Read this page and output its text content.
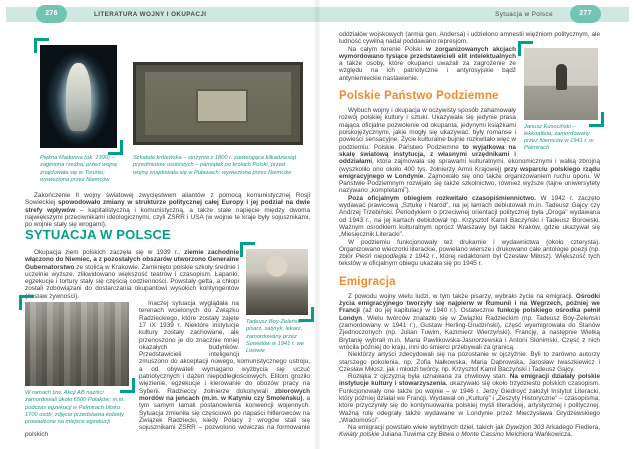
276	LITERATURA WOJNY I OKUPACJI
Piękna Madonna (ok. 1390) – zaginiona rzeźba, przed wojną znajdowała się w Toruniu; wywieziona przez Niemców
Szkatuła królewska – skrzynia z 1800 r. zawierająca kilkadziesiąt przedmiotów osobistych – pamiątek po królach Polski, przed wojną znajdowała się w Puławach; wywieziona przez Niemców

Zakończenie II wojny światowej zwycięstwem aliantów z pomocą komunistycznej Rosji Sowieckiej spowodowało zmiany w strukturze politycznej całej Europy i jej podział na dwie strefy wpływów – kapitalistyczną i komunistyczną, a także stałe napięcie między dwoma największymi przeciwnikami ideologicznymi, czyli ZSRR i USA (w wojnie te kraje były sojusznikami, po wojnie stały się wrogami).

SYTUACJA W POLSCE
Tadeusz Boy-Żeleński – pisarz, satyryk, lekarz, zamordowany przez Sowietów w 1941 r. we Lwowie

Okupacja ziem polskich zaczęła się w 1939 r., ziemie zachodnie włączono do Niemiec, a z pozostałych obszarów utworzono Generalne Gubernatorstwo ze stolicą w Krakowie. Zamknięto polskie szkoły średnie i uczelnie wyższe, zlikwidowano większość teatrów i czasopism. Łapanki, egzekucje i tortury stały się częścią codzienności. Powstały getta, a chłopi zostali zobowiązani do dostarczania okupantowi wysokich kontyngentów (dostaw żywności).

W ramach tzw. Akcji AB naziści zamordowali około 6500 Polaków; m.in. podczas egzekucji w Palmirach blisko 1700 osób; zdjęcie przedstawia kobiety prowadzone na miejsce egzekucji

Inaczej sytuacja wyglądała na terenach wcielonych do Związku Radzieckiego, które zostały zajęte 17 IX 1939 r. Niektóre instytucje kultury zostały zachowane, ale przenoszono je do znacznie mniej okazałych budynków. Przedstawicieli inteligencji zmuszono do akceptacji nowego, komunistycznego ustroju, a od obywateli wymagano wyzbycia się uczuć patriotycznych i dążeń niepodległościowych. Elitom groziło więzienie, egzekucje i kierowanie do obozów pracy na Syberii. Radzieccy żołnierze dokonywali zbiorowych mordów na jeńcach (m.in. w Katyniu czy Smoleńsku), a tym samym łamali postanowienia konwencji wojennych. Sytuacja zmieniła się częściowo po napaści hitlerowców na Związek Radziecki, kiedy Polacy z wrogów stali się sojusznikami ZSRR – pozwolono wówczas na formowanie polskich

Sytuacja w Polsce	277

oddziałów wojskowych (armia gen. Andersa) i udzielono amnestii więźniom politycznym, ale ludność cywilną nadal poddawano represjom.

Janusz Kusociński – lekkoatleta, zamordowany przez Niemców w 1941 r. w Palmirach

Na całym terenie Polski w zorganizowanych akcjach wymordowano tysiące przedstawicieli elit intelektualnych a także osoby, które okupanci uważali za zagrożenie ze względu na ich patriotyczne i antyrosyjskie bądź antyniemieckie nastawienie.

Polskie Państwo Podziemne

Wybuch wojny i okupacja w oczywisty sposób zahamowały rozwój polskiej kultury i sztuki. Ukazywała się jedynie prasa mająca oficjalne pozwolenie od okupanta, jedynymi książkami polskojęzycznymi, jakie mogły się ukazywać, były romanse i powieści sensacyjne. Życie kulturalne bujnie rozkwitało więc w podziemiu. Polskie Państwo Podziemne to wyjątkowa na skalę światową instytucja, z własnymi urzędnikami i oddziałami, która zajmowała się sprawami kulturalnymi, ekonomicznymi i walką zbrojną (wyszkoliło ono około 400 tys. żołnierzy Armii Krajowej) przy wsparciu polskiego rządu emigracyjnego w Londynie. Zajmowało się ono także organizowaniem ruchu oporu. W Państwie Podziemnym rozwijało się także szkolnictwo, również wyższe (tajne uniwersytety nazywano „kompletami”).

Poza oficjalnym obiegiem rozkwitało czasopiśmiennictwo. W 1942 r. zaczęto wydawać prawicową „Sztukę i Naród”, na jej łamach debiutowali m.in. Tadeusz Gajcy czy Andrzej Trzebiński. Periodykiem o przeciwnej orientacji politycznej była „Droga” wydawana od 1943 r., na jej kartach debiutował np. Krzysztof Kamil Baczyński i Tadeusz Borowski. Ważnym ośrodkiem kulturalnym oprócz Warszawy był także Kraków, gdzie ukazywał się „Miesięcznik Literacki”.

W podziemiu funkcjonowały też drukarnie i wydawnictwa (około czterysta). Organizowano wieczorki literackie, powielano wiersze i drukowano całe antologie poezji (np. zbiór Pieśń niepodległa z 1942 r., której redaktorem był Czesław Miłosz). Większość tych tekstów w oficjalnym obiegu ukazała się po 1945 r.

Emigracja

Z powodu wojny wielu ludzi, w tym także pisarzy, wybrało życie na emigracji. Ośrodki życia emigracyjnego tworzyły się najpierw w Rumunii i na Węgrzech, później we Francji (aż do jej kapitulacji w 1940 r.). Ostatecznie funkcję polskiego ośrodka pełnił Londyn. Wielu twórców znalazło się w Związku Radzieckim (np. Tadeusz Boy-Żeleński (zamordowany w 1941 r.), Gustaw Herling-Grudziński), część wyemigrowała do Stanów Zjednoczonych (np. Julian Tuwim, Kazimierz Wierzyński). Francję, a następnie Wielką Brytanię wybrali m.in. Maria Pawlikowska-Jasnorzewska i Antoni Słonimski. Część z nich wróciła później do kraju, inni do śmierci przebywali za granicą.

Niektórzy artyści zdecydowali się na pozostanie w ojczyźnie. Byli to zarówno autorzy starszego pokolenia, np. Zofia Nałkowska, Maria Dąbrowska, Jarosław Iwaszkiewicz i Czesław Miłosz, jak i młodzi twórcy, np. Krzysztof Kamil Baczyński i Tadeusz Gajcy.

Rozłąka z ojczyzną była uznawana za chwilowy stan. Na emigracji działały polskie instytucje kultury i stowarzyszenia, ukazywało się około trzydziestu polskich czasopism. Funkcjonowały one także po wojnie – w 1946 r. Jerzy Giedroyć założył Instytut Literacki, który później działał we Francji. Wydawał on „Kulturę” i „Zeszyty Historyczne” – czasopisma, które przyczyniły się do kontynuowania polskiej myśli literackiej, artystycznej i politycznej. Ważną rolę odegrały także wydawane w Londynie przez Mieczysława Grydzewskiego „Wiadomości”.

Na emigracji powstało wiele wybitnych dzieł, takich jak Dywizjon 303 Arkadego Fiedlera, Kwiaty polskie Juliana Tuwima czy Bitwa o Monte Cassino Melchiora Wańkowicza.
